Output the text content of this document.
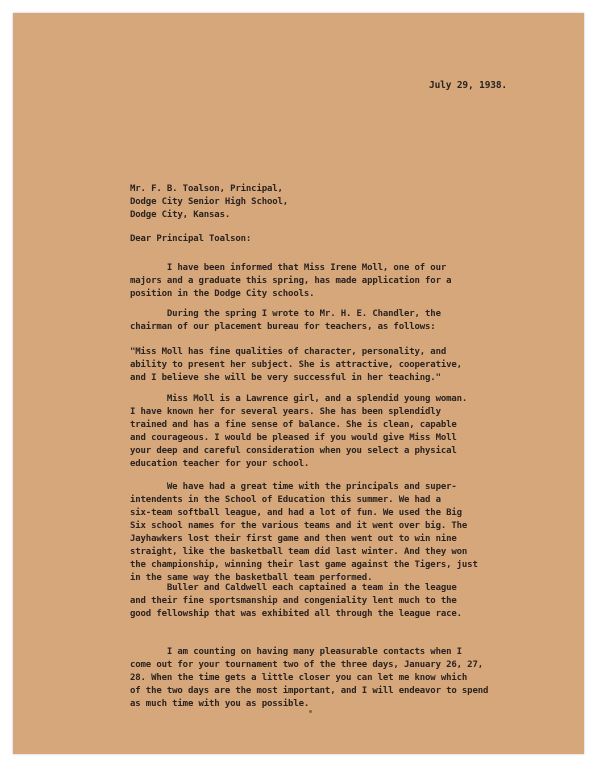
July 29, 1938.

Mr. F. B. Toalson, Principal,
Dodge City Senior High School,
Dodge City, Kansas.

Dear Principal Toalson:

I have been informed that Miss Irene Moll, one of our
majors and a graduate this spring, has made application for a
position in the Dodge City schools.

During the spring I wrote to Mr. H. E. Chandler, the
chairman of our placement bureau for teachers, as follows:

"Miss Moll has fine qualities of character, personality, and
ability to present her subject. She is attractive, cooperative,
and I believe she will be very successful in her teaching."

Miss Moll is a Lawrence girl, and a splendid young woman.
I have known her for several years. She has been splendidly
trained and has a fine sense of balance. She is clean, capable
and courageous. I would be pleased if you would give Miss Moll
your deep and careful consideration when you select a physical
education teacher for your school.

We have had a great time with the principals and super-
intendents in the School of Education this summer. We had a
six-team softball league, and had a lot of fun. We used the Big
Six school names for the various teams and it went over big. The
Jayhawkers lost their first game and then went out to win nine
straight, like the basketball team did last winter. And they won
the championship, winning their last game against the Tigers, just
in the same way the basketball team performed.

Buller and Caldwell each captained a team in the league
and their fine sportsmanship and congeniality lent much to the
good fellowship that was exhibited all through the league race.

I am counting on having many pleasurable contacts when I
come out for your tournament two of the three days, January 26, 27,
28. When the time gets a little closer you can let me know which
of the two days are the most important, and I will endeavor to spend
as much time with you as possible.
